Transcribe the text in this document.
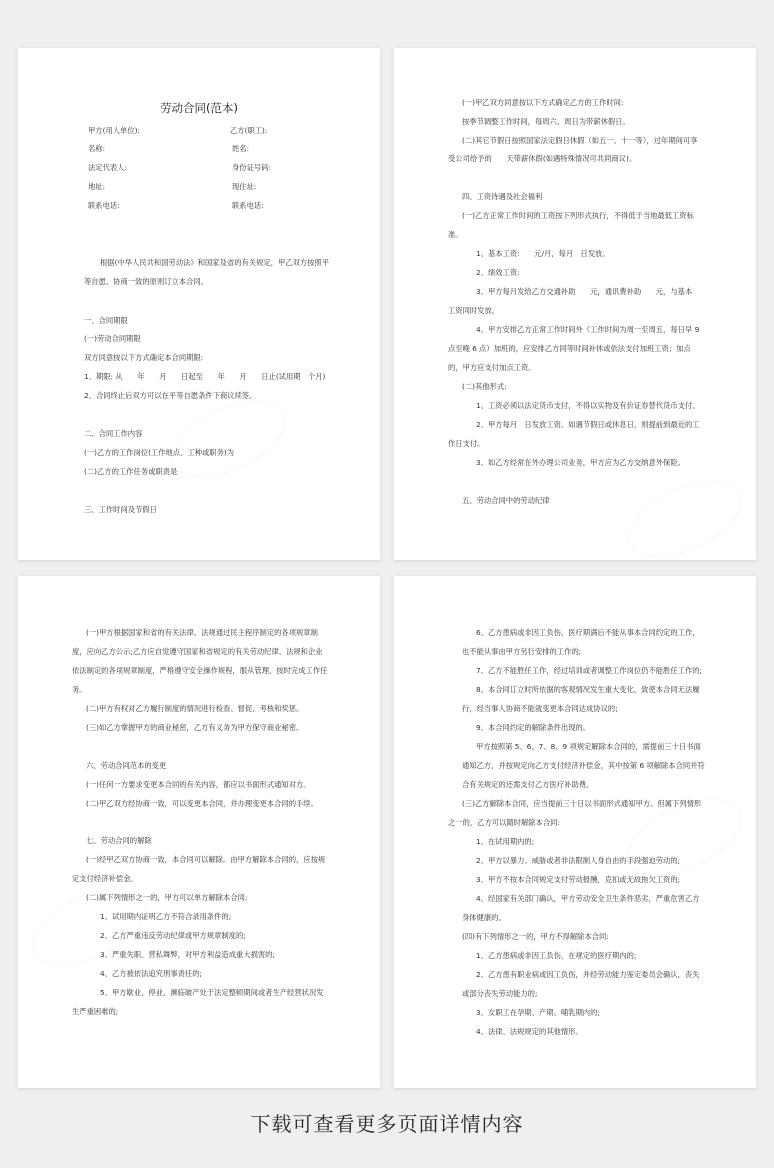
劳动合同(范本)
甲方(用人单位):
名称:
法定代表人:
地址:
联系电话:
乙方(职工):
姓名:
身份证号码:
现住址:
联系电话:
根据(中华人民共和国劳动法》和国家及省的有关规定，甲乙双方按照平
等自愿、协商一致的原则订立本合同。
一、合同期限
(一)劳动合同期限
双方同意按以下方式确定本合同期限:
1、期限: 从　　年　　月　　日起至　　年　　月　　日止(试用期　个月)
2、合同终止后双方可以在平等自愿条件下商议续签。
二、合同工作内容
(一)乙方的工作岗位(工作地点、工种或职务)为
(二)乙方的工作任务或职责是
三、工作时间及节假日
(一)甲乙双方同意按以下方式确定乙方的工作时间:
按季节调整工作时间，每周六、周日为带薪休假日。
(二)其它节假日按照国家法定假日休假（如五一、十一等），过年期间可享
受公司给予的　　天带薪休假(如遇特殊情况可共同商议)。
四、工资待遇及社会福利
(一)乙方正常工作时间的工资按下列形式执行，不得低于当地最低工资标
准。
1、基本工资:　　元/月，每月　日发放。
2、绩效工资:
3、甲方每月发给乙方交通补助　　元，通讯费补助　　元，与基本
工资同时发放。
4、甲方安排乙方正常工作时间外（工作时间为周一至周五，每日早 9
点至晚 6 点）加班的，应安排乙方同等时间补休或依法支付加班工资；加点
的，甲方应支付加点工资。
(二)其他形式:
1、工资必须以法定货币支付，不得以实物及有价证券替代货币支付。
2、甲方每月　日发放工资。如遇节假日或休息日，则提前到最近的工
作日支付。
3、如乙方经常在外办理公司业务，甲方应为乙方交纳意外保险。
五、劳动合同中的劳动纪律
(一)甲方根据国家和省的有关法律、法规通过民主程序制定的各项规章制
度，应向乙方公示;乙方应自觉遵守国家和省规定的有关劳动纪律、法规和企业
依法制定的各项规章制度，严格遵守安全操作规程，服从管理，按时完成工作任
务。
(二)甲方有权对乙方履行制度的情况进行检查、督促、考核和奖惩。
(三)如乙方掌握甲方的商业秘密，乙方有义务为甲方保守商业秘密。
六、劳动合同范本的变更
(一)任何一方要求变更本合同的有关内容，都应以书面形式通知对方。
(二)甲乙双方经协商一致，可以变更本合同，并办理变更本合同的手续。
七、劳动合同的解除
(一)经甲乙双方协商一致，本合同可以解除。由甲方解除本合同的，应按规
定支付经济补偿金。
(二)属下列情形之一的，甲方可以单方解除本合同:
1、试用期内证明乙方不符合录用条件的;
2、乙方严重违反劳动纪律或甲方规章制度的;
3、严重失职、营私舞弊，对甲方利益造成重大损害的;
4、乙方被依法追究刑事责任的;
5、甲方歇业、停业、濒临破产处于法定整顿期间或者生产经营状况发
生严重困难的;
6、乙方患病或非因工负伤，医疗期满后不能从事本合同约定的工作，
也不能从事由甲方另行安排的工作的;
7、乙方不能胜任工作，经过培训或者调整工作岗位仍不能胜任工作的;
8、本合同订立时所依据的客观情况发生重大变化，致使本合同无法履
行，经当事人协商不能就变更本合同达成协议的;
9、本合同约定的解除条件出现的。
甲方按照第 5、6、7、8、9 项规定解除本合同的，需提前三十日书面
通知乙方，并按规定向乙方支付经济补偿金，其中按第 6 项解除本合同并符
合有关规定的还需支付乙方医疗补助费。
(三)乙方解除本合同，应当提前三十日以书面形式通知甲方。但属下列情形
之一的，乙方可以随时解除本合同:
1、在试用期内的;
2、甲方以暴力、威胁或者非法限制人身自由的手段强迫劳动的;
3、甲方不按本合同规定支付劳动报酬，克扣或无故拖欠工资的;
4、经国家有关部门确认，甲方劳动安全卫生条件恶劣，严重危害乙方
身体健康的。
(四)有下列情形之一的，甲方不得解除本合同:
1、乙方患病或非因工负伤，在规定的医疗期内的;
2、乙方患有职业病或因工负伤，并经劳动能力鉴定委员会确认，丧失
或部分丧失劳动能力的;
3、女职工在孕期、产期、哺乳期内的;
4、法律、法规规定的其他情形。
下载可查看更多页面详情内容
